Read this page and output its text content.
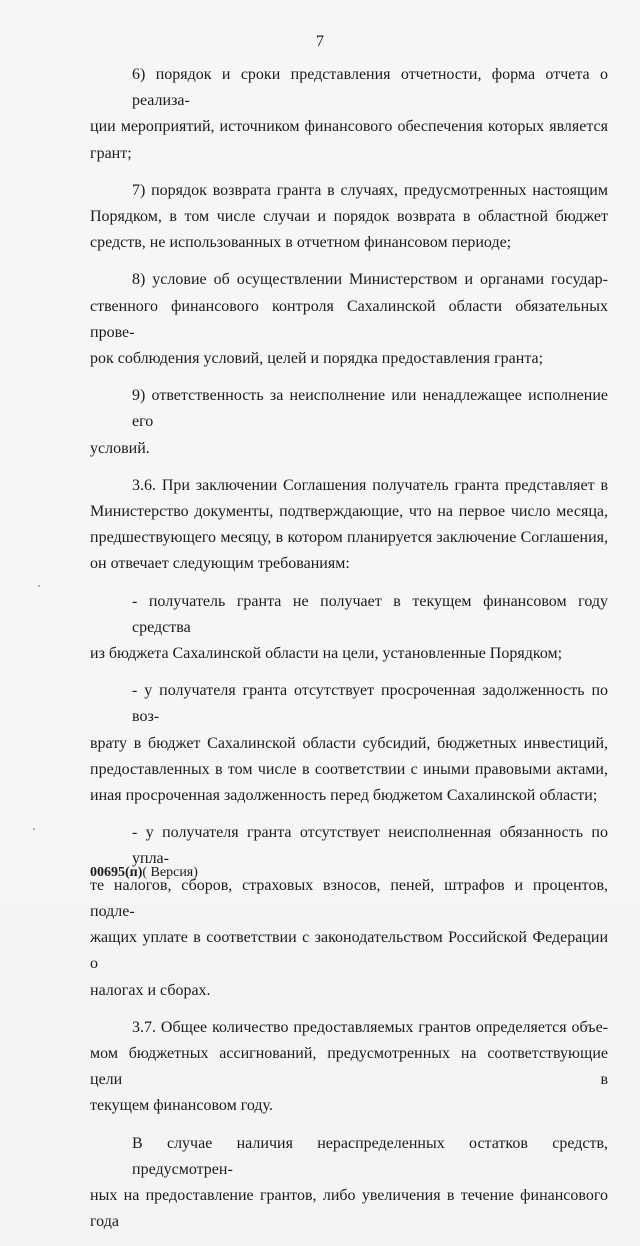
7
6) порядок и сроки представления отчетности, форма отчета о реализа-
ции мероприятий, источником финансового обеспечения которых является
грант;
7) порядок возврата гранта в случаях, предусмотренных настоящим
Порядком, в том числе случаи и порядок возврата в областной бюджет
средств, не использованных в отчетном финансовом периоде;
8) условие об осуществлении Министерством и органами государ-
ственного финансового контроля Сахалинской области обязательных прове-
рок соблюдения условий, целей и порядка предоставления гранта;
9) ответственность за неисполнение или ненадлежащее исполнение его
условий.
3.6. При заключении Соглашения получатель гранта представляет в
Министерство документы, подтверждающие, что на первое число месяца,
предшествующего месяцу, в котором планируется заключение Соглашения,
он отвечает следующим требованиям:
- получатель гранта не получает в текущем финансовом году средства
из бюджета Сахалинской области на цели, установленные Порядком;
- у получателя гранта отсутствует просроченная задолженность по воз-
врату в бюджет Сахалинской области субсидий, бюджетных инвестиций,
предоставленных в том числе в соответствии с иными правовыми актами,
иная просроченная задолженность перед бюджетом Сахалинской области;
- у получателя гранта отсутствует неисполненная обязанность по упла-
те налогов, сборов, страховых взносов, пеней, штрафов и процентов, подле-
жащих уплате в соответствии с законодательством Российской Федерации о
налогах и сборах.
3.7. Общее количество предоставляемых грантов определяется объе-
мом бюджетных ассигнований, предусмотренных на соответствующие цели в
текущем финансовом году.
В случае наличия нераспределенных остатков средств, предусмотрен-
ных на предоставление грантов, либо увеличения в течение финансового года
00695(п)( Версия)
